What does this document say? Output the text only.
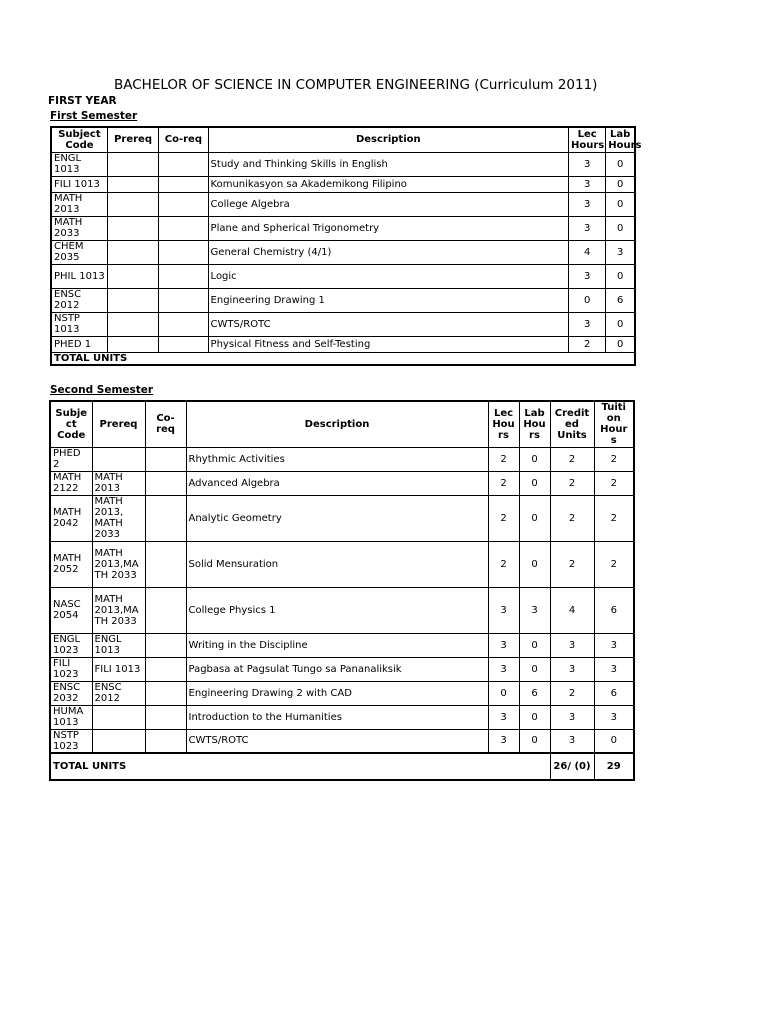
BACHELOR OF SCIENCE IN COMPUTER ENGINEERING (Curriculum 2011)
FIRST YEAR
First Semester
Subject Code	Prereq	Co-req	Description	Lec Hours	Lab Hours
ENGL 1013			Study and Thinking Skills in English	3	0
FILI 1013			Komunikasyon sa Akademikong Filipino	3	0
MATH 2013			College Algebra	3	0
MATH 2033			Plane and Spherical Trigonometry	3	0
CHEM 2035			General Chemistry (4/1)	4	3
PHIL 1013			Logic	3	0
ENSC 2012			Engineering Drawing 1	0	6
NSTP 1013			CWTS/ROTC	3	0
PHED 1			Physical Fitness and Self-Testing	2	0
TOTAL UNITS					
Second Semester
Subje ct Code	Prereq	Co- req	Description	Lec Hou rs	Lab Hou rs	Credit ed Units	Tuiti on Hour s
PHED 2			Rhythmic Activities	2	0	2	2
MATH 2122	MATH 2013		Advanced Algebra	2	0	2	2
MATH 2042	MATH 2013, MATH 2033		Analytic Geometry	2	0	2	2
MATH 2052	MATH 2013,MA TH 2033		Solid Mensuration	2	0	2	2
NASC 2054	MATH 2013,MA TH 2033		College Physics 1	3	3	4	6
ENGL 1023	ENGL 1013		Writing in the Discipline	3	0	3	3
FILI 1023	FILI 1013		Pagbasa at Pagsulat Tungo sa Pananaliksik	3	0	3	3
ENSC 2032	ENSC 2012		Engineering Drawing 2 with CAD	0	6	2	6
HUMA 1013			Introduction to the Humanities	3	0	3	3
NSTP 1023			CWTS/ROTC	3	0	3	0
TOTAL UNITS						26/ (0)	29
